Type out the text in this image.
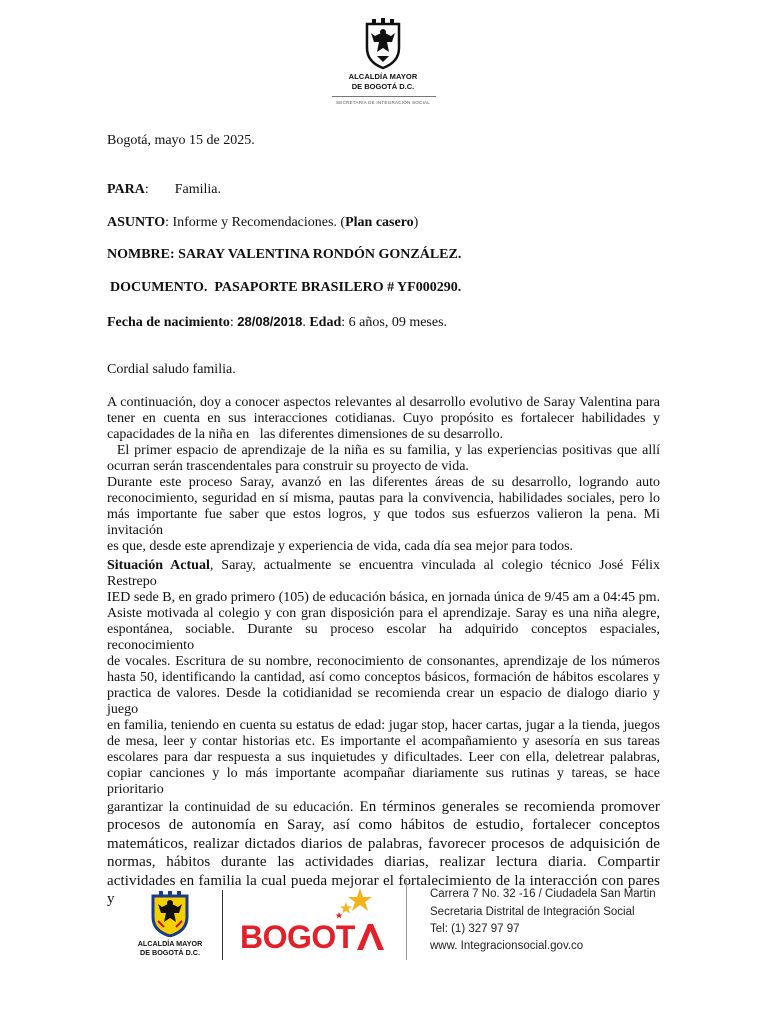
ALCALDÍA MAYOR
DE BOGOTÁ D.C.
SECRETARÍA DE INTEGRACIÓN SOCIAL
Bogotá, mayo 15 de 2025.
PARA: Familia.
ASUNTO: Informe y Recomendaciones. (Plan casero)
NOMBRE: SARAY VALENTINA RONDÓN GONZÁLEZ.
DOCUMENTO.  PASAPORTE BRASILERO # YF000290.
Fecha de nacimiento: 28/08/2018. Edad: 6 años, 09 meses.
Cordial saludo familia.
A continuación, doy a conocer aspectos relevantes al desarrollo evolutivo de Saray Valentina para
tener en cuenta en sus interacciones cotidianas. Cuyo propósito es fortalecer habilidades y
capacidades de la niña en   las diferentes dimensiones de su desarrollo.
El primer espacio de aprendizaje de la niña es su familia, y las experiencias positivas que allí
ocurran serán trascendentales para construir su proyecto de vida.
Durante este proceso Saray, avanzó en las diferentes áreas de su desarrollo, logrando auto
reconocimiento, seguridad en sí misma, pautas para la convivencia, habilidades sociales, pero lo
más importante fue saber que estos logros, y que todos sus esfuerzos valieron la pena. Mi invitación
es que, desde este aprendizaje y experiencia de vida, cada día sea mejor para todos.
Situación Actual, Saray, actualmente se encuentra vinculada al colegio técnico José Félix Restrepo
IED sede B, en grado primero (105) de educación básica, en jornada única de 9/45 am a 04:45 pm.
Asiste motivada al colegio y con gran disposición para el aprendizaje. Saray es una niña alegre,
espontánea, sociable. Durante su proceso escolar ha adquirido conceptos espaciales, reconocimiento
de vocales. Escritura de su nombre, reconocimiento de consonantes, aprendizaje de los números
hasta 50, identificando la cantidad, así como conceptos básicos, formación de hábitos escolares y
practica de valores. Desde la cotidianidad se recomienda crear un espacio de dialogo diario y juego
en familia, teniendo en cuenta su estatus de edad: jugar stop, hacer cartas, jugar a la tienda, juegos
de mesa, leer y contar historias etc. Es importante el acompañamiento y asesoría en sus tareas
escolares para dar respuesta a sus inquietudes y dificultades. Leer con ella, deletrear palabras,
copiar canciones y lo más importante acompañar diariamente sus rutinas y tareas, se hace prioritario
garantizar la continuidad de su educación. En términos generales se recomienda promover
procesos de autonomía en Saray, así como hábitos de estudio, fortalecer conceptos
matemáticos, realizar dictados diarios de palabras, favorecer procesos de adquisición de
normas, hábitos durante las actividades diarias, realizar lectura diaria. Compartir
actividades en familia la cual pueda mejorar el fortalecimiento de la interacción con pares y
ALCALDÍA MAYOR
DE BOGOTÁ D.C.	BOGOT
Carrera 7 No. 32 -16 / Ciudadela San Martin
Secretaria Distrital de Integración Social
Tel: (1) 327 97 97
www. Integracionsocial.gov.co
